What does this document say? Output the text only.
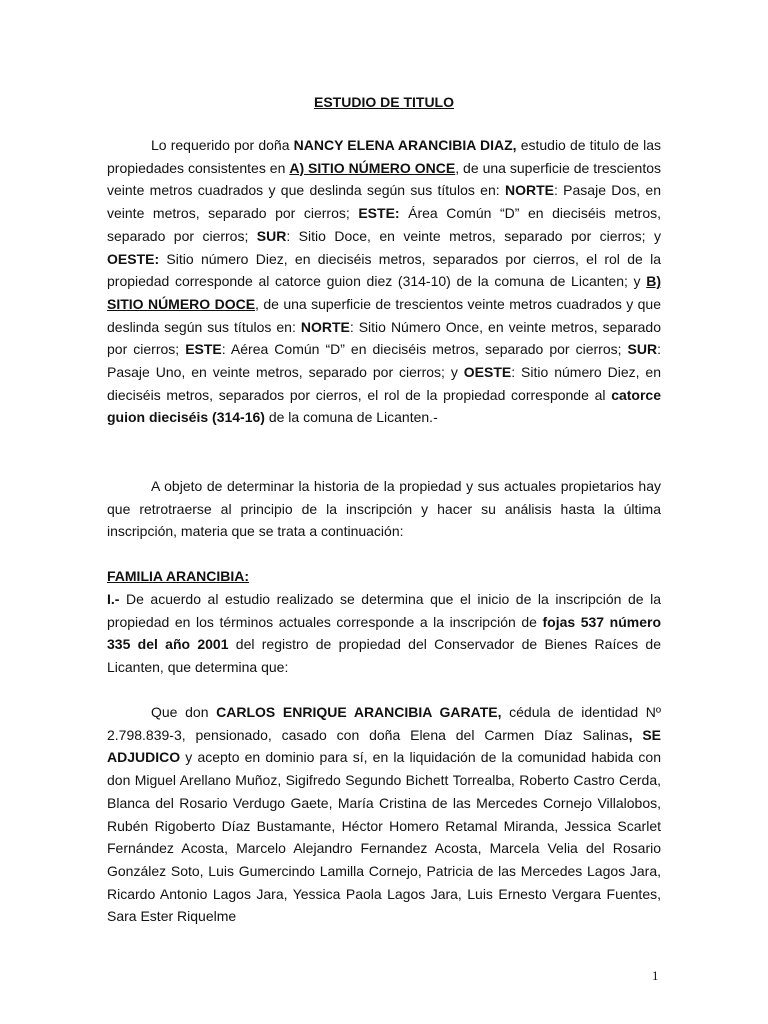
ESTUDIO DE TITULO

Lo requerido por doña NANCY ELENA ARANCIBIA DIAZ, estudio de titulo de las propiedades consistentes en A) SITIO NÚMERO ONCE, de una superficie de trescientos veinte metros cuadrados y que deslinda según sus títulos en: NORTE: Pasaje Dos, en veinte metros, separado por cierros; ESTE: Área Común “D” en dieciséis metros, separado por cierros; SUR: Sitio Doce, en veinte metros, separado por cierros; y OESTE: Sitio número Diez, en dieciséis metros, separados por cierros, el rol de la propiedad corresponde al catorce guion diez (314-10) de la comuna de Licanten; y B) SITIO NÚMERO DOCE, de una superficie de trescientos veinte metros cuadrados y que deslinda según sus títulos en: NORTE: Sitio Número Once, en veinte metros, separado por cierros; ESTE: Aérea Común “D” en dieciséis metros, separado por cierros; SUR: Pasaje Uno, en veinte metros, separado por cierros; y OESTE: Sitio número Diez, en dieciséis metros, separados por cierros, el rol de la propiedad corresponde al catorce guion dieciséis (314-16) de la comuna de Licanten.-

A objeto de determinar la historia de la propiedad y sus actuales propietarios hay que retrotraerse al principio de la inscripción y hacer su análisis hasta la última inscripción, materia que se trata a continuación:

FAMILIA ARANCIBIA:

I.- De acuerdo al estudio realizado se determina que el inicio de la inscripción de la propiedad en los términos actuales corresponde a la inscripción de fojas 537 número 335 del año 2001 del registro de propiedad del Conservador de Bienes Raíces de Licanten, que determina que:

Que don CARLOS ENRIQUE ARANCIBIA GARATE, cédula de identidad Nº 2.798.839-3, pensionado, casado con doña Elena del Carmen Díaz Salinas, SE ADJUDICO y acepto en dominio para sí, en la liquidación de la comunidad habida con don Miguel Arellano Muñoz, Sigifredo Segundo Bichett Torrealba, Roberto Castro Cerda, Blanca del Rosario Verdugo Gaete, María Cristina de las Mercedes Cornejo Villalobos, Rubén Rigoberto Díaz Bustamante, Héctor Homero Retamal Miranda, Jessica Scarlet Fernández Acosta, Marcelo Alejandro Fernandez Acosta, Marcela Velia del Rosario González Soto, Luis Gumercindo Lamilla Cornejo, Patricia de las Mercedes Lagos Jara, Ricardo Antonio Lagos Jara, Yessica Paola Lagos Jara, Luis Ernesto Vergara Fuentes, Sara Ester Riquelme

1
